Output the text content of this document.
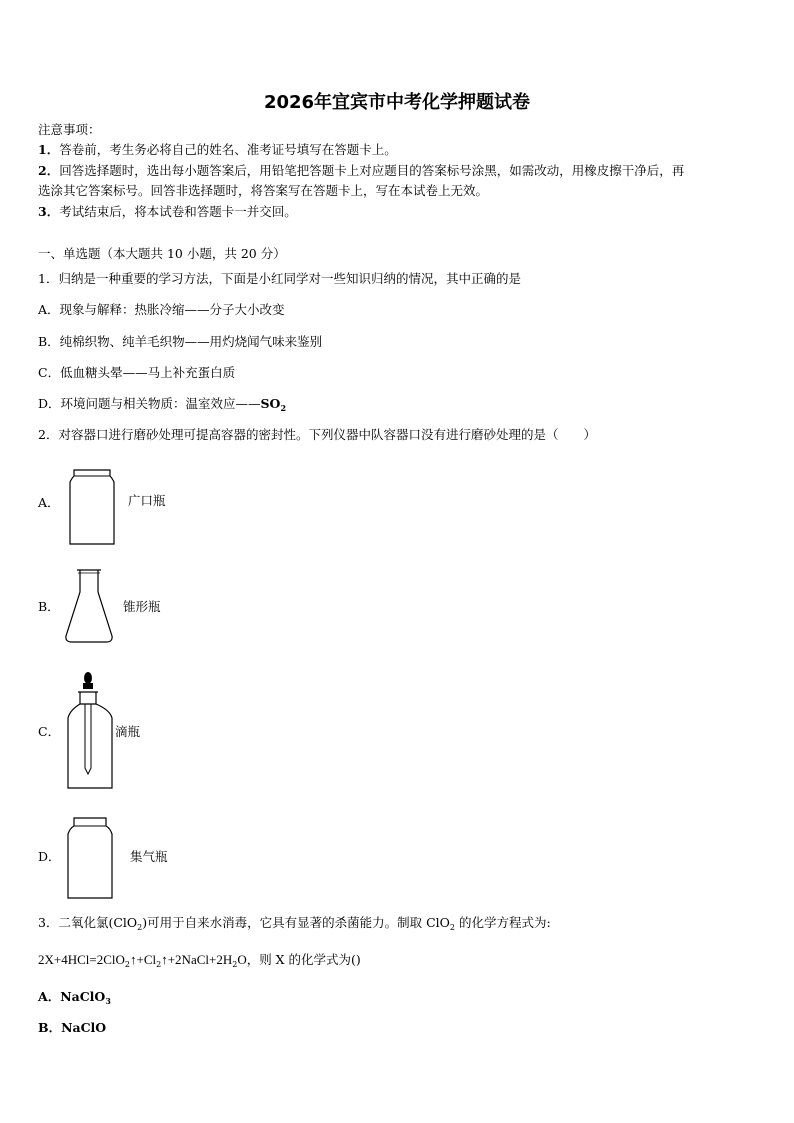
2026年宜宾市中考化学押题试卷
注意事项：
1．答卷前，考生务必将自己的姓名、准考证号填写在答题卡上。
2．回答选择题时，选出每小题答案后，用铅笔把答题卡上对应题目的答案标号涂黑，如需改动，用橡皮擦干净后，再
选涂其它答案标号。回答非选择题时，将答案写在答题卡上，写在本试卷上无效。
3．考试结束后，将本试卷和答题卡一并交回。
一、单选题（本大题共 10 小题，共 20 分）
1．归纳是一种重要的学习方法，下面是小红同学对一些知识归纳的情况，其中正确的是
A．现象与解释：热胀冷缩——分子大小改变
B．纯棉织物、纯羊毛织物——用灼烧闻气味来鉴别
C．低血糖头晕——马上补充蛋白质
D．环境问题与相关物质：温室效应$——SO_2$
2．对容器口进行磨砂处理可提高容器的密封性。下列仪器中队容器口没有进行磨砂处理的是（　　）
A．	广口瓶
B．	锥形瓶
C．	滴瓶
D．	集气瓶
3．二氧化氯(ClO$_2$)可用于自来水消毒，它具有显著的杀菌能力。制取 ClO$_2$ 的化学方程式为:
$2X+4HCl=2ClO_2↑+Cl_2↑+2NaCl+2H_2O$，则 X 的化学式为()
A．NaClO$_3$
B．NaClO
